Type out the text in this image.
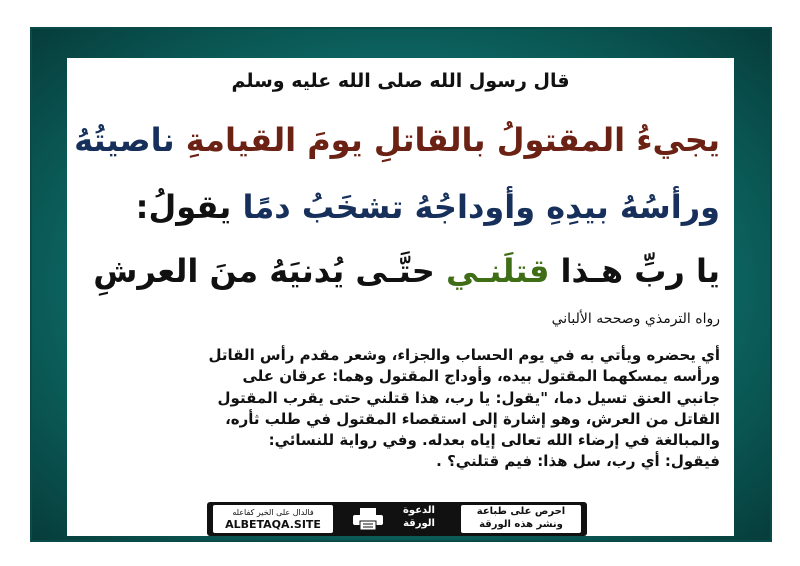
قال رسول الله صلى الله عليه وسلم
يجيءُ المقتولُ بالقاتلِ يومَ القيامةِ ناصيتُهُ
ورأسُهُ بيدِهِ وأوداجُهُ تشخَبُ دمًا يقولُ:
يا ربِّ هـذا قتلَنـي حتَّـى يُدنيَهُ منَ العرشِ
رواه الترمذي وصححه الألباني

أي يحضره ويأتي به في يوم الحساب والجزاء، وشعر مقدم رأس القاتل

ورأسه يمسكهما المقتول بيده، وأوداج المقتول وهما: عرقان على

جانبي العنق تسيل دما، "يقول: يا رب، هذا قتلني حتى يقرب المقتول

القاتل من العرش، وهو إشارة إلى استقصاء المقتول في طلب ثأره،

والمبالغة في إرضاء الله تعالى إياه بعدله. وفي رواية للنسائي:

فيقول: أي رب، سل هذا: فيم قتلني؟ .

فالدال على الخير كفاعله
ALBETAQA.SITE
الدعوة
الورقة
احرص على طباعة
ونشر هذه الورقة
